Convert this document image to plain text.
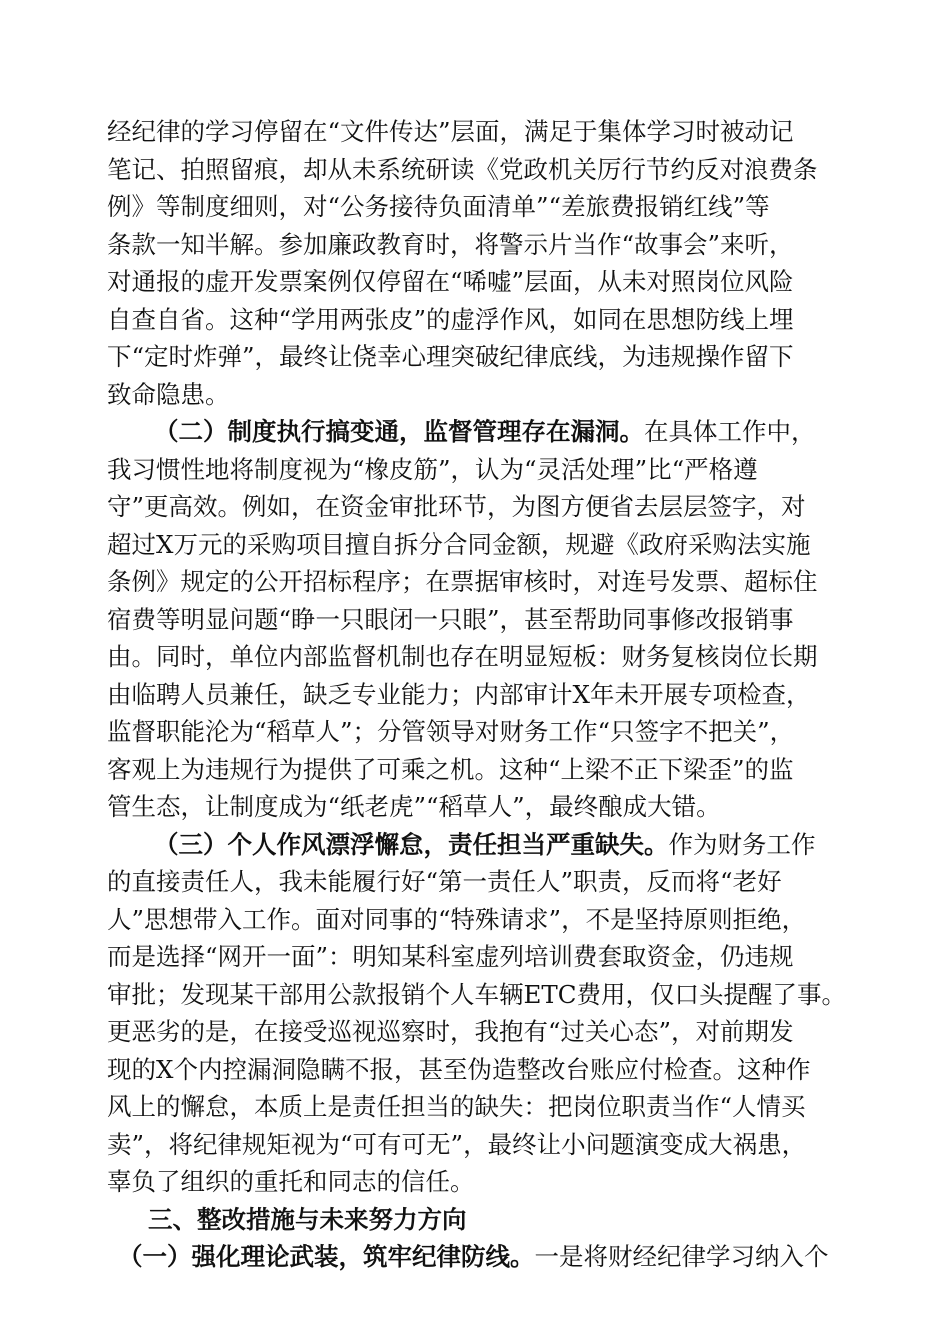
经纪律的学习停留在“文件传达”层面，满足于集体学习时被动记
笔记、拍照留痕，却从未系统研读《党政机关厉行节约反对浪费条
例》等制度细则，对“公务接待负面清单”“差旅费报销红线”等
条款一知半解。参加廉政教育时，将警示片当作“故事会”来听，
对通报的虚开发票案例仅停留在“唏嘘”层面，从未对照岗位风险
自查自省。这种“学用两张皮”的虚浮作风，如同在思想防线上埋
下“定时炸弹”，最终让侥幸心理突破纪律底线，为违规操作留下
致命隐患。
（二）制度执行搞变通，监督管理存在漏洞。在具体工作中，
我习惯性地将制度视为“橡皮筋”，认为“灵活处理”比“严格遵
守”更高效。例如，在资金审批环节，为图方便省去层层签字，对
超过X万元的采购项目擅自拆分合同金额，规避《政府采购法实施
条例》规定的公开招标程序；在票据审核时，对连号发票、超标住
宿费等明显问题“睁一只眼闭一只眼”，甚至帮助同事修改报销事
由。同时，单位内部监督机制也存在明显短板：财务复核岗位长期
由临聘人员兼任，缺乏专业能力；内部审计X年未开展专项检查，
监督职能沦为“稻草人”；分管领导对财务工作“只签字不把关”，
客观上为违规行为提供了可乘之机。这种“上梁不正下梁歪”的监
管生态，让制度成为“纸老虎”“稻草人”，最终酿成大错。
（三）个人作风漂浮懈怠，责任担当严重缺失。作为财务工作
的直接责任人，我未能履行好“第一责任人”职责，反而将“老好
人”思想带入工作。面对同事的“特殊请求”，不是坚持原则拒绝，
而是选择“网开一面”：明知某科室虚列培训费套取资金，仍违规
审批；发现某干部用公款报销个人车辆ETC费用，仅口头提醒了事。
更恶劣的是，在接受巡视巡察时，我抱有“过关心态”，对前期发
现的X个内控漏洞隐瞒不报，甚至伪造整改台账应付检查。这种作
风上的懈怠，本质上是责任担当的缺失：把岗位职责当作“人情买
卖”，将纪律规矩视为“可有可无”，最终让小问题演变成大祸患，
辜负了组织的重托和同志的信任。
三、整改措施与未来努力方向
（一）强化理论武装，筑牢纪律防线。一是将财经纪律学习纳入个
